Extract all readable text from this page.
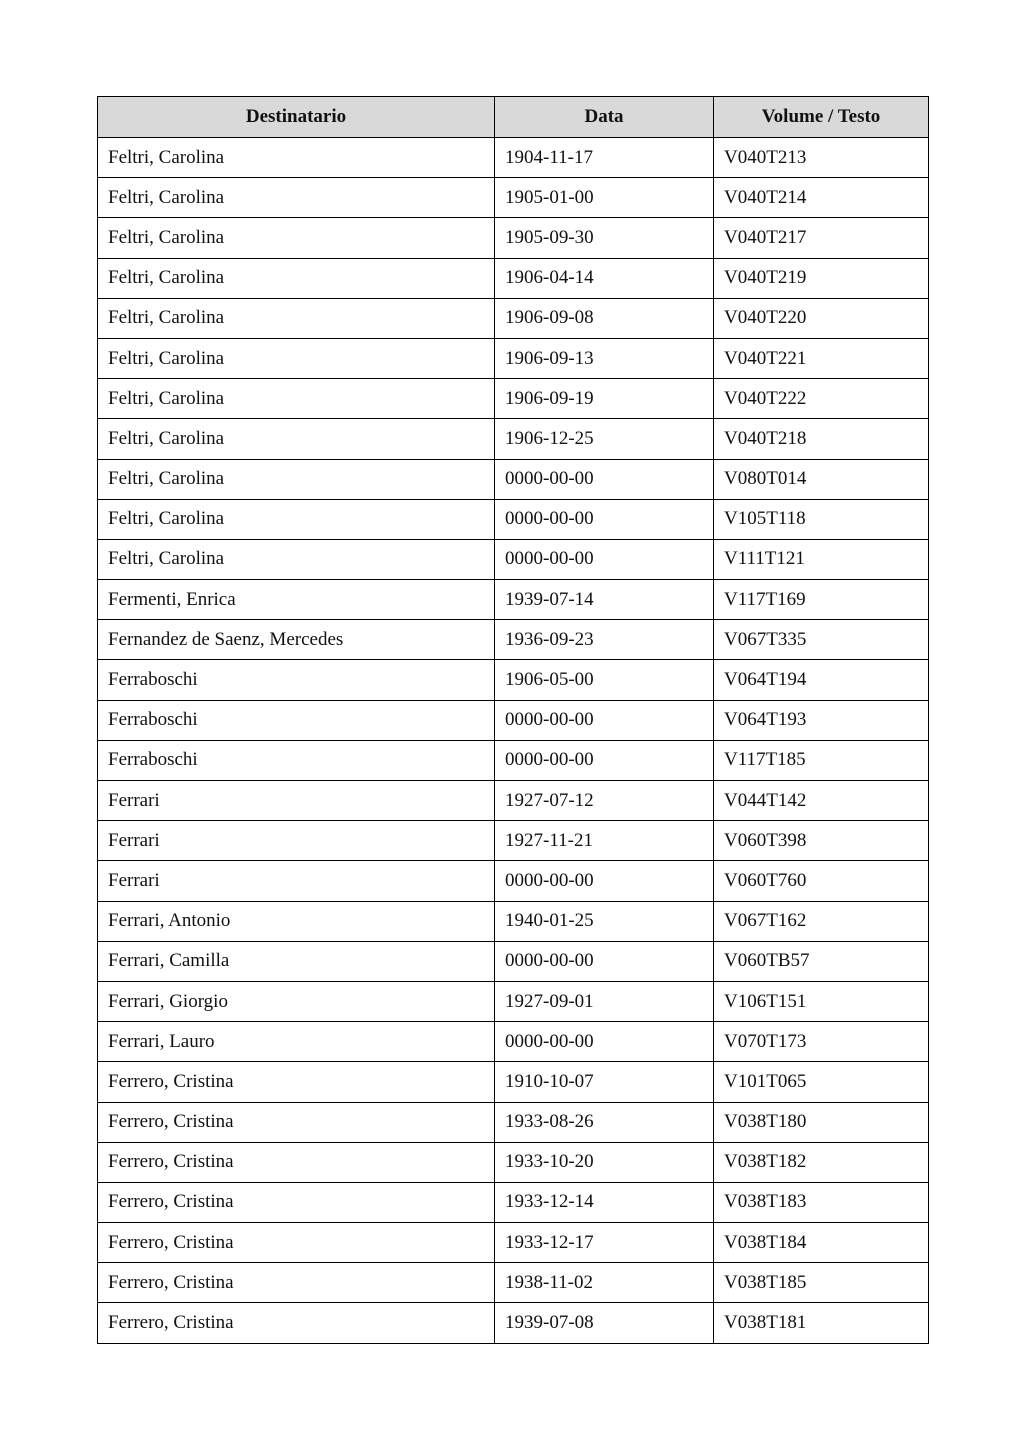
Destinatario	Data	Volume / Testo
Feltri, Carolina	1904-11-17	V040T213
Feltri, Carolina	1905-01-00	V040T214
Feltri, Carolina	1905-09-30	V040T217
Feltri, Carolina	1906-04-14	V040T219
Feltri, Carolina	1906-09-08	V040T220
Feltri, Carolina	1906-09-13	V040T221
Feltri, Carolina	1906-09-19	V040T222
Feltri, Carolina	1906-12-25	V040T218
Feltri, Carolina	0000-00-00	V080T014
Feltri, Carolina	0000-00-00	V105T118
Feltri, Carolina	0000-00-00	V111T121
Fermenti, Enrica	1939-07-14	V117T169
Fernandez de Saenz, Mercedes	1936-09-23	V067T335
Ferraboschi	1906-05-00	V064T194
Ferraboschi	0000-00-00	V064T193
Ferraboschi	0000-00-00	V117T185
Ferrari	1927-07-12	V044T142
Ferrari	1927-11-21	V060T398
Ferrari	0000-00-00	V060T760
Ferrari, Antonio	1940-01-25	V067T162
Ferrari, Camilla	0000-00-00	V060TB57
Ferrari, Giorgio	1927-09-01	V106T151
Ferrari, Lauro	0000-00-00	V070T173
Ferrero, Cristina	1910-10-07	V101T065
Ferrero, Cristina	1933-08-26	V038T180
Ferrero, Cristina	1933-10-20	V038T182
Ferrero, Cristina	1933-12-14	V038T183
Ferrero, Cristina	1933-12-17	V038T184
Ferrero, Cristina	1938-11-02	V038T185
Ferrero, Cristina	1939-07-08	V038T181
